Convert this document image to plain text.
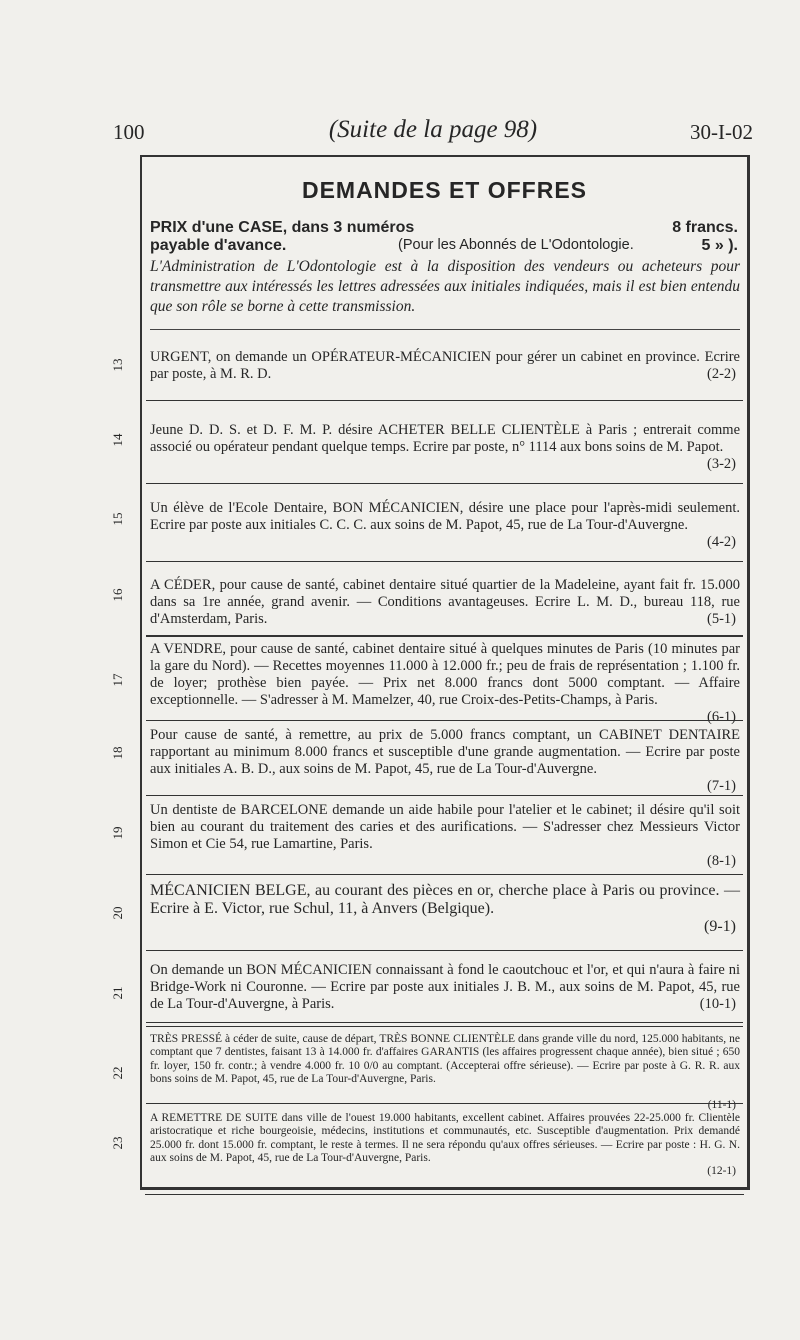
100	(Suite de la page 98)	30-I-02
13
14
15
16
17
18
19
20
21
22
23
DEMANDES ET OFFRES
PRIX d'une CASE, dans 3 numéros	8 francs.
payable d'avance.	(Pour les Abonnés de L'Odontologie.	5 » ).
L'Administration de L'Odontologie est à la disposition des vendeurs ou acheteurs pour transmettre aux intéressés les lettres adressées aux initiales indiquées, mais il est bien entendu que son rôle se borne à cette transmission.
URGENT, on demande un OPÉRATEUR-MÉCANICIEN pour gérer un cabinet en province. Ecrire par poste, à M. R. D.	(2-2)
Jeune D. D. S. et D. F. M. P. désire ACHETER BELLE CLIENTÈLE à Paris ; entrerait comme associé ou opérateur pendant quelque temps. Ecrire par poste, n° 1114 aux bons soins de M. Papot.
(3-2)
Un élève de l'Ecole Dentaire, BON MÉCANICIEN, désire une place pour l'après-midi seulement. Ecrire par poste aux initiales C. C. C. aux soins de M. Papot, 45, rue de La Tour-d'Auvergne.
(4-2)
A CÉDER, pour cause de santé, cabinet dentaire situé quartier de la Madeleine, ayant fait fr. 15.000 dans sa 1re année, grand avenir. — Conditions avantageuses. Ecrire L. M. D., bureau 118, rue d'Amsterdam, Paris.	(5-1)
A VENDRE, pour cause de santé, cabinet dentaire situé à quelques minutes de Paris (10 minutes par la gare du Nord). — Recettes moyennes 11.000 à 12.000 fr.; peu de frais de représentation ; 1.100 fr. de loyer; prothèse bien payée. — Prix net 8.000 francs dont 5000 comptant. — Affaire exceptionnelle. — S'adresser à M. Mamelzer, 40, rue Croix-des-Petits-Champs, à Paris.
(6-1)
Pour cause de santé, à remettre, au prix de 5.000 francs comptant, un CABINET DENTAIRE rapportant au minimum 8.000 francs et susceptible d'une grande augmentation. — Ecrire par poste aux initiales A. B. D., aux soins de M. Papot, 45, rue de La Tour-d'Auvergne.
(7-1)
Un dentiste de BARCELONE demande un aide habile pour l'atelier et le cabinet; il désire qu'il soit bien au courant du traitement des caries et des aurifications. — S'adresser chez Messieurs Victor Simon et Cie 54, rue Lamartine, Paris.
(8-1)
MÉCANICIEN BELGE, au courant des pièces en or, cherche place à Paris ou province. — Ecrire à E. Victor, rue Schul, 11, à Anvers (Belgique).
(9-1)
On demande un BON MÉCANICIEN connaissant à fond le caoutchouc et l'or, et qui n'aura à faire ni Bridge-Work ni Couronne. — Ecrire par poste aux initiales J. B. M., aux soins de M. Papot, 45, rue de La Tour-d'Auvergne, à Paris.	(10-1)
TRÈS PRESSÉ à céder de suite, cause de départ, TRÈS BONNE CLIENTÈLE dans grande ville du nord, 125.000 habitants, ne comptant que 7 dentistes, faisant 13 à 14.000 fr. d'affaires GARANTIS (les affaires progressent chaque année), bien situé ; 650 fr. loyer, 150 fr. contr.; à vendre 4.000 fr. 10 0/0 au comptant. (Accepterai offre sérieuse). — Ecrire par poste à G. R. R. aux bons soins de M. Papot, 45, rue de La Tour-d'Auvergne, Paris.
(11-1)
A REMETTRE DE SUITE dans ville de l'ouest 19.000 habitants, excellent cabinet. Affaires prouvées 22-25.000 fr. Clientèle aristocratique et riche bourgeoisie, médecins, institutions et communautés, etc. Susceptible d'augmentation. Prix demandé 25.000 fr. dont 15.000 fr. comptant, le reste à termes. Il ne sera répondu qu'aux offres sérieuses. — Ecrire par poste : H. G. N. aux soins de M. Papot, 45, rue de La Tour-d'Auvergne, Paris.
(12-1)
